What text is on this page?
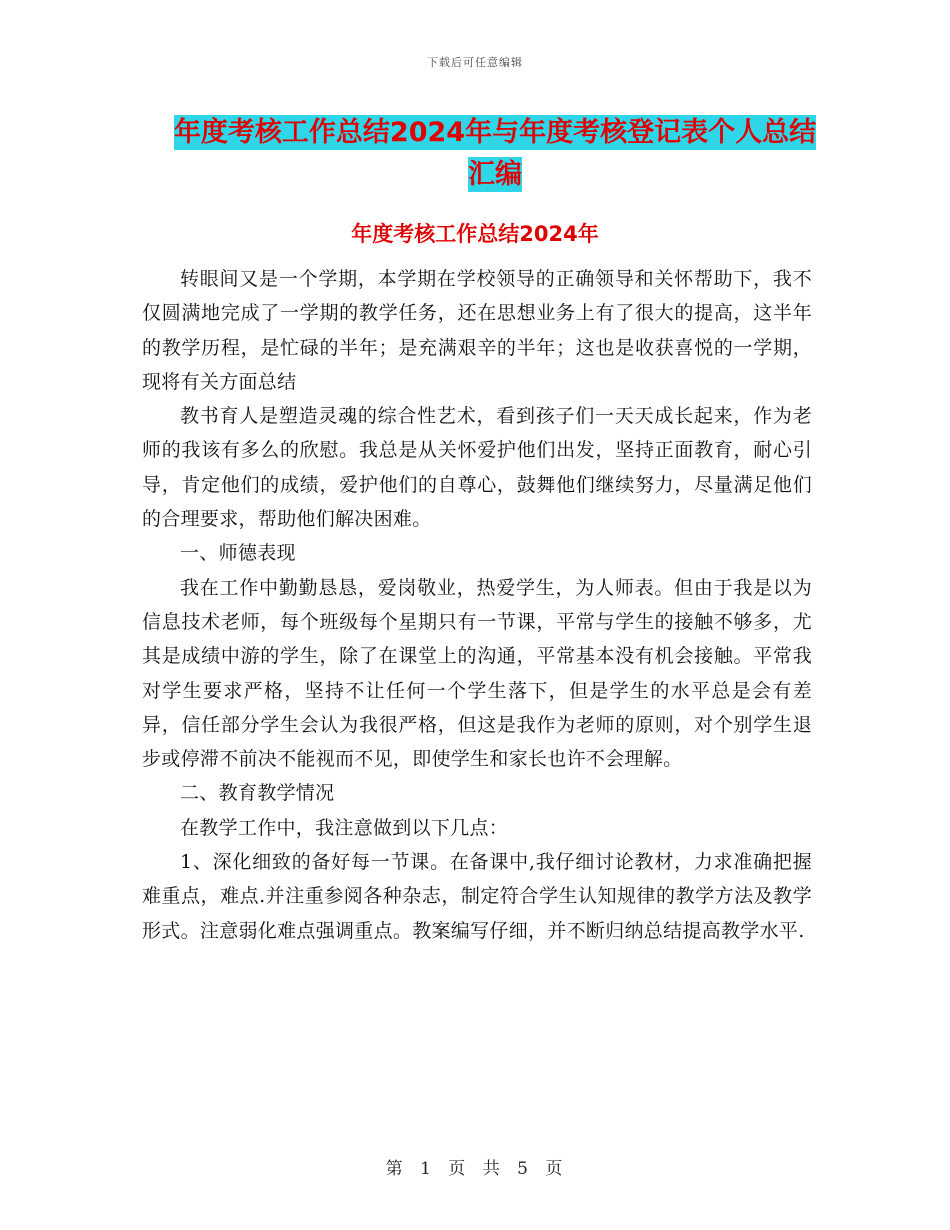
下载后可任意编辑
年度考核工作总结2024年与年度考核登记表个人总结
汇编
年度考核工作总结2024年

转眼间又是一个学期，本学期在学校领导的正确领导和关怀帮助下，我不仅圆满地完成了一学期的教学任务，还在思想业务上有了很大的提高，这半年的教学历程，是忙碌的半年；是充满艰辛的半年；这也是收获喜悦的一学期，现将有关方面总结

教书育人是塑造灵魂的综合性艺术，看到孩子们一天天成长起来，作为老师的我该有多么的欣慰。我总是从关怀爱护他们出发，坚持正面教育，耐心引导，肯定他们的成绩，爱护他们的自尊心，鼓舞他们继续努力，尽量满足他们的合理要求，帮助他们解决困难。

一、师德表现

我在工作中勤勤恳恳，爱岗敬业，热爱学生，为人师表。但由于我是以为信息技术老师，每个班级每个星期只有一节课，平常与学生的接触不够多，尤其是成绩中游的学生，除了在课堂上的沟通，平常基本没有机会接触。平常我对学生要求严格，坚持不让任何一个学生落下，但是学生的水平总是会有差异，信任部分学生会认为我很严格，但这是我作为老师的原则，对个别学生退步或停滞不前决不能视而不见，即使学生和家长也许不会理解。

二、教育教学情况

在教学工作中，我注意做到以下几点：

1、深化细致的备好每一节课。在备课中,我仔细讨论教材，力求准确把握难重点，难点.并注重参阅各种杂志，制定符合学生认知规律的教学方法及教学形式。注意弱化难点强调重点。教案编写仔细，并不断归纳总结提高教学水平.

第 1 页 共 5 页
